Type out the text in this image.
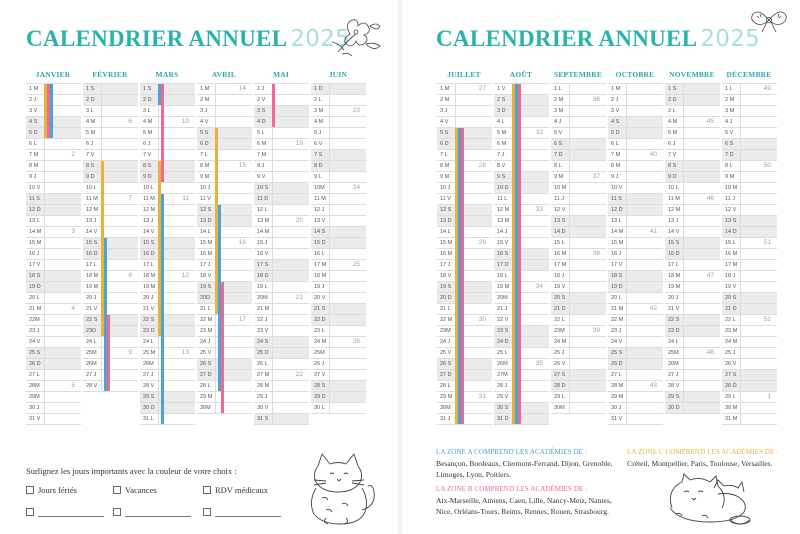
CALENDRIER ANNUEL 2025
JANVIER
1 M
2 J
3 V
4 S
5 D
6 L
7 M	2
8 M
9 J
10 V
11 S
12 D
13 L
14 M	3
15 M
16 J
17 V
18 S
19 D
20 L
21 M	4
22M
23 J
24 V
25 S
26 D
27 L
28M	5
29M
30 J
31 V
FÉVRIER
1 S
2 D
3 L
4 M	6
5 M
6 J
7 V
8 S
9 D
10 L
11 M	7
12 M
13 J
14 V
15 S
16 D
17 L
18 M	8
19 M
20 J
21 V
22 S
23D
24 L
25M	9
26M
27 J
28 V
MARS
1 S
2 D
3 L
4 M	10
5 M
6 J
7 V
8 S
9 D
10 L
11 M	11
12 M
13 J
14 V
15 S
16 D
17 L
18 M	12
19 M
20 J
21 V
22 S
23 D
24 L
25 M	13
26M
27 J
28 V
29 S
30 D
31 L
AVRIL
1 M	14
2 M
3 J
4 V
5 S
6 D
7 L
8 M	15
9 M
10 J
11 V
12 S
13 D
14 L
15 M	16
16 M
17 J
18 V
19 S
20D
21 L
22 M	17
23 M
24 J
25 V
26 S
27 D
28 L
29 M
30M
MAI
1 J
2 V
3 S
4 D
5 L
6 M	19
7 M
8 J
9 V
10 S
11 D
12 L
13 M	20
14 M
15 J
16 V
17 S
18 D
19 L
20M	21
21 M
22 J
23 V
24 S
25 D
26 L
27 M	22
28 M
29 J
30 V
31 S
JUIN
1 D
2 L
3 M	23
4 M
5 J
6 V
7 S
8 D
9 L
10M	24
11 M
12 J
13 V
14 S
15 D
16 L
17 M	25
18 M
19 J
20 V
21 S
22 D
23 L
24 M	26
25M
26 J
27 V
28 S
29 D
30 L
Surlignez les jours importants avec la couleur de votre choix :
Jours fériés	Vacances	RDV médicaux
CALENDRIER ANNUEL 2025
JUILLET
1 M	27
2 M
3 J
4 V
5 S
6 D
7 L
8 M	28
9 M
10 J
11 V
12 S
13 D
14 L
15 M	29
16 M
17 J
18 V
19 S
20 D
21 L
22 M	30
23M
24 J
25 V
26 S
27 D
28 L
29 M	31
30M
31 J
AOÛT
1 V
2 S
3 D
4 L
5 M	32
6 M
7 J
8 V
9 S
10 D
11 L
12 M	33
13 M
14 J
15 V
16 S
17 D
18 L
19 M	34
20M
21 J
22 V
23 S
24 D
25 L
26M	35
27M
28 J
29 V
30 S
31 D
SEPTEMBRE
1 L
2 M	36
3 M
4 J
5 V
6 S
7 D
8 L
9 M	37
10 M
11 J
12 V
13 S
14 D
15 L
16 M	38
17 M
18 J
19 V
20 S
21 D
22 L
23M	39
24 M
25 J
26 V
27 S
28 D
29 L
30M
OCTOBRE
1 M
2 J
3 V
4 S
5 D
6 L
7 M	40
8 M
9 J
10 V
11 S
12 D
13 L
14 M	41
15 M
16 J
17 V
18 S
19 D
20 L
21 M	42
22 M
23 J
24 V
25 S
26 D
27 L
28 M	43
29 M
30 J
31 V
NOVEMBRE
1 S
2 D
3 L
4 M	45
5 M
6 J
7 V
8 S
9 D
10 L
11 M	46
12 M
13 J
14 V
15 S
16 D
17 L
18 M	47
19 M
20 J
21 V
22 S
23 D
24 L
25M	48
26M
27 J
28 V
29 S
30 D
DÉCEMBRE
1 L	49
2 M
3 M
4 J
5 V
6 S
7 D
8 L	50
9 M
10 M
11 J
12 V
13 S
14 D
15 L	51
16 M
17 M
18 J
19 V
20 S
21 D
22 L	52
23 M
24 M
25 J
26 V
27 S
28 D
29 L	1
30 M
31 M
LA ZONE A COMPREND LES ACADÉMIES DE :
Besançon, Bordeaux, Clermont-Ferrand, Dijon, Grenoble, Limoges, Lyon, Poitiers.
LA ZONE B COMPREND LES ACADÉMIES DE :
Aix-Marseille, Amiens, Caen, Lille, Nancy-Metz, Nantes, Nice, Orléans-Tours, Reims, Rennes, Rouen, Strasbourg.
LA ZONE C COMPREND LES ACADÉMIES DE :
Créteil, Montpellier, Paris, Toulouse, Versailles.
